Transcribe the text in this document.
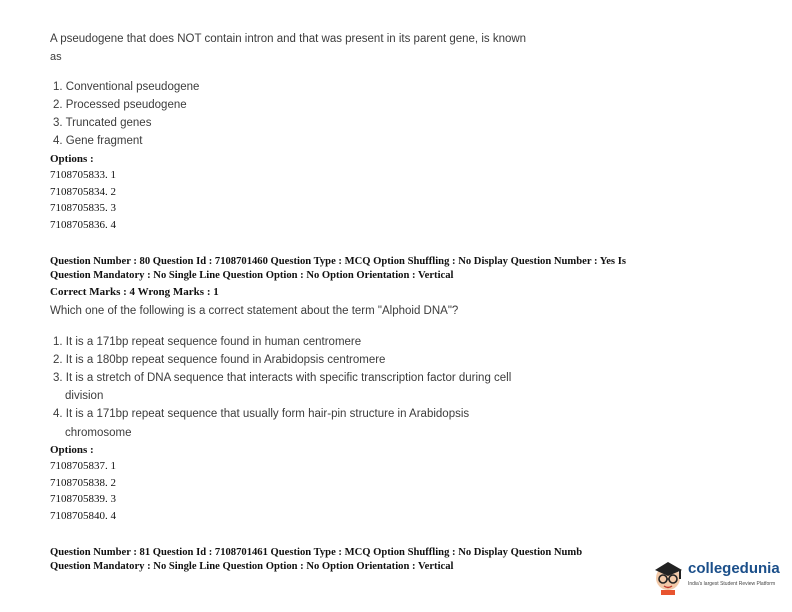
A pseudogene that does NOT contain intron and that was present in its parent gene, is known
as
1. Conventional pseudogene
2. Processed pseudogene
3. Truncated genes
4. Gene fragment
Options :
7108705833. 1
7108705834. 2
7108705835. 3
7108705836. 4
Question Number : 80 Question Id : 7108701460 Question Type : MCQ Option Shuffling : No Display Question Number : Yes Is
Question Mandatory : No Single Line Question Option : No Option Orientation : Vertical
Correct Marks : 4 Wrong Marks : 1
Which one of the following is a correct statement about the term "Alphoid DNA"?
1. It is a 171bp repeat sequence found in human centromere
2. It is a 180bp repeat sequence found in Arabidopsis centromere
3. It is a stretch of DNA sequence that interacts with specific transcription factor during cell
division
4. It is a 171bp repeat sequence that usually form hair-pin structure in Arabidopsis
chromosome
Options :
7108705837. 1
7108705838. 2
7108705839. 3
7108705840. 4
Question Number : 81 Question Id : 7108701461 Question Type : MCQ Option Shuffling : No Display Question Numb
Question Mandatory : No Single Line Question Option : No Option Orientation : Vertical	collegedunia
India's largest Student Review Platform
